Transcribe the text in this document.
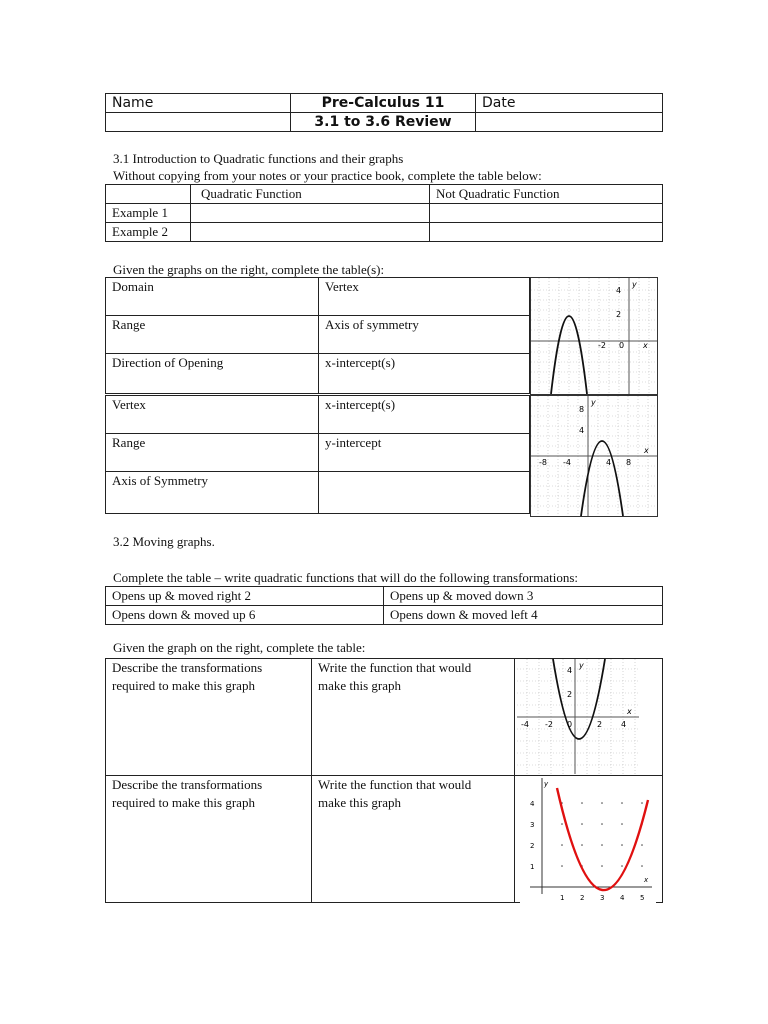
Name	Pre-Calculus 11	Date
	3.1 to 3.6 Review	
3.1 Introduction to Quadratic functions and their graphs
Without copying from your notes or your practice book, complete the table below:
	Quadratic Function	Not Quadratic Function
Example 1		
Example 2		
Given the graphs on the right, complete the table(s):
Domain	Vertex
Range	Axis of symmetry
Direction of Opening	x-intercept(s)
Vertex	x-intercept(s)
Range	y-intercept
Axis of Symmetry	
4
2
-2 0 x
y
8
4
-8 -4	4 8
x
y
3.2 Moving graphs.
Complete the table – write quadratic functions that will do the following transformations:
Opens up & moved right 2	Opens up & moved down 3
Opens down & moved up 6	Opens down & moved left 4
Given the graph on the right, complete the table:
Describe the transformations required to make this graph	Write the function that would make this graph	

Describe the transformations required to make this graph	Write the function that would make this graph	

4
2
-4 -2 0	2 4
x
y
y
x
4
3
2
1
1 2 3 4 5
